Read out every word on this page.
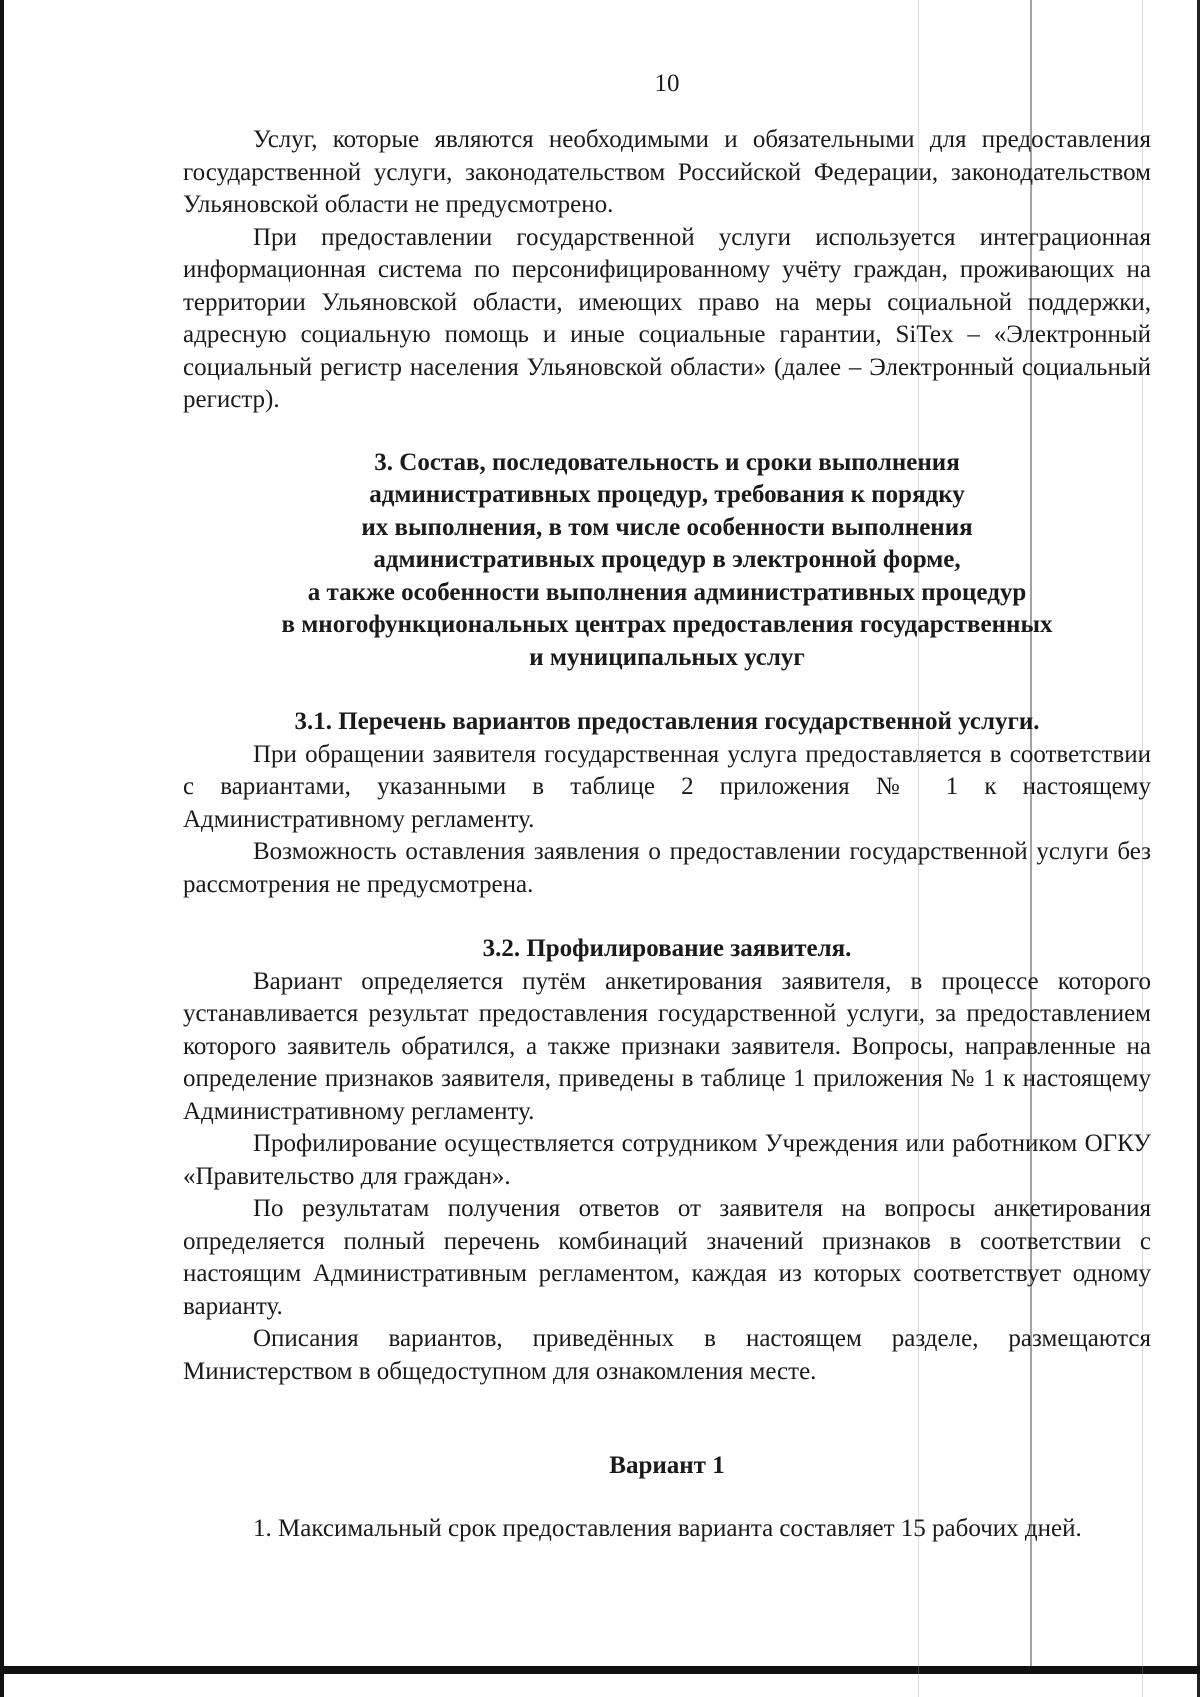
10

Услуг, которые являются необходимыми и обязательными для предоставления государственной услуги, законодательством Российской Федерации, законодательством Ульяновской области не предусмотрено.

При предоставлении государственной услуги используется интеграционная информационная система по персонифицированному учёту граждан, проживающих на территории Ульяновской области, имеющих право на меры социальной поддержки, адресную социальную помощь и иные социальные гарантии, SiTex – «Электронный социальный регистр населения Ульяновской области» (далее – Электронный социальный регистр).

3. Состав, последовательность и сроки выполнения
административных процедур, требования к порядку
их выполнения, в том числе особенности выполнения
административных процедур в электронной форме,
а также особенности выполнения административных процедур
в многофункциональных центрах предоставления государственных
и муниципальных услуг
3.1. Перечень вариантов предоставления государственной услуги.

При обращении заявителя государственная услуга предоставляется в соответствии с вариантами, указанными в таблице 2 приложения № 1 к настоящему Административному регламенту.

Возможность оставления заявления о предоставлении государственной услуги без рассмотрения не предусмотрена.

3.2. Профилирование заявителя.

Вариант определяется путём анкетирования заявителя, в процессе которого устанавливается результат предоставления государственной услуги, за предоставлением которого заявитель обратился, а также признаки заявителя. Вопросы, направленные на определение признаков заявителя, приведены в таблице 1 приложения № 1 к настоящему Административному регламенту.

Профилирование осуществляется сотрудником Учреждения или работником ОГКУ «Правительство для граждан».

По результатам получения ответов от заявителя на вопросы анкетирования определяется полный перечень комбинаций значений признаков в соответствии с настоящим Административным регламентом, каждая из которых соответствует одному варианту.

Описания вариантов, приведённых в настоящем разделе, размещаются Министерством в общедоступном для ознакомления месте.

Вариант 1

1. Максимальный срок предоставления варианта составляет 15 рабочих дней.
